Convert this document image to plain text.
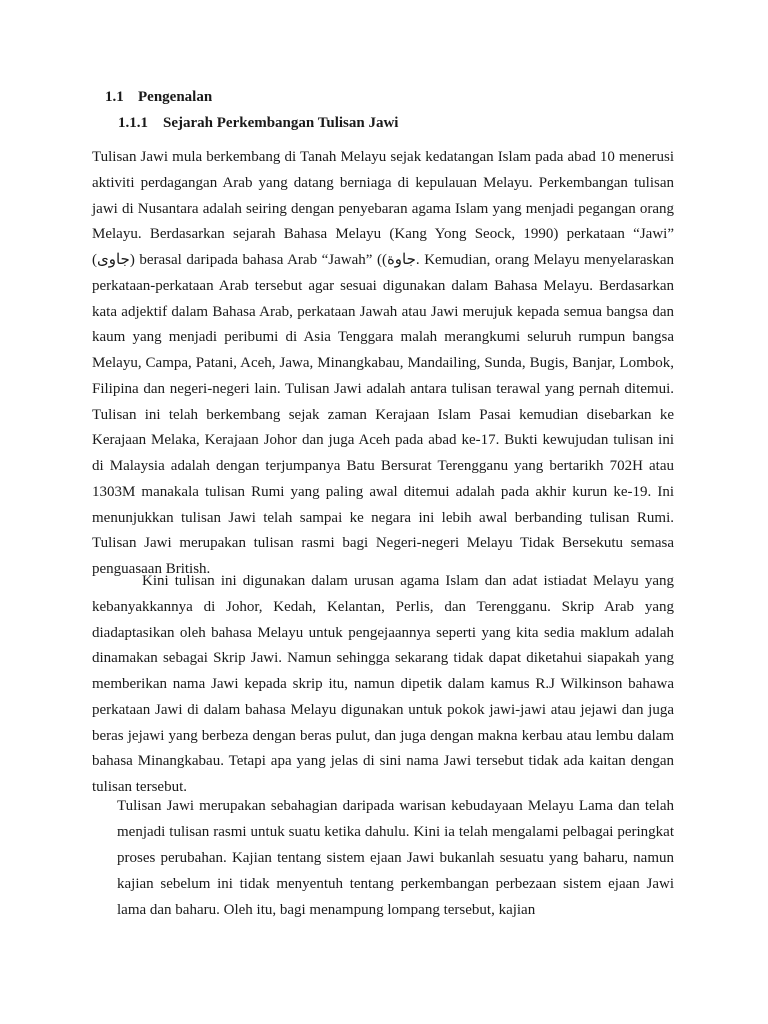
1.1 Pengenalan
1.1.1 Sejarah Perkembangan Tulisan Jawi

Tulisan Jawi mula berkembang di Tanah Melayu sejak kedatangan Islam pada abad 10 menerusi aktiviti perdagangan Arab yang datang berniaga di kepulauan Melayu. Perkembangan tulisan jawi di Nusantara adalah seiring dengan penyebaran agama Islam yang menjadi pegangan orang Melayu. Berdasarkan sejarah Bahasa Melayu (Kang Yong Seock, 1990) perkataan “Jawi” (جاوى) berasal daripada bahasa Arab “Jawah” ((جاوة. Kemudian, orang Melayu menyelaraskan perkataan-perkataan Arab tersebut agar sesuai digunakan dalam Bahasa Melayu. Berdasarkan kata adjektif dalam Bahasa Arab, perkataan Jawah atau Jawi merujuk kepada semua bangsa dan kaum yang menjadi peribumi di Asia Tenggara malah merangkumi seluruh rumpun bangsa Melayu, Campa, Patani, Aceh, Jawa, Minangkabau, Mandailing, Sunda, Bugis, Banjar, Lombok, Filipina dan negeri-negeri lain. Tulisan Jawi adalah antara tulisan terawal yang pernah ditemui. Tulisan ini telah berkembang sejak zaman Kerajaan Islam Pasai kemudian disebarkan ke Kerajaan Melaka, Kerajaan Johor dan juga Aceh pada abad ke-17. Bukti kewujudan tulisan ini di Malaysia adalah dengan terjumpanya Batu Bersurat Terengganu yang bertarikh 702H atau 1303M manakala tulisan Rumi yang paling awal ditemui adalah pada akhir kurun ke-19. Ini menunjukkan tulisan Jawi telah sampai ke negara ini lebih awal berbanding tulisan Rumi. Tulisan Jawi merupakan tulisan rasmi bagi Negeri-negeri Melayu Tidak Bersekutu semasa penguasaan British.

Kini tulisan ini digunakan dalam urusan agama Islam dan adat istiadat Melayu yang kebanyakkannya di Johor, Kedah, Kelantan, Perlis, dan Terengganu. Skrip Arab yang diadaptasikan oleh bahasa Melayu untuk pengejaannya seperti yang kita sedia maklum adalah dinamakan sebagai Skrip Jawi. Namun sehingga sekarang tidak dapat diketahui siapakah yang memberikan nama Jawi kepada skrip itu, namun dipetik dalam kamus R.J Wilkinson bahawa perkataan Jawi di dalam bahasa Melayu digunakan untuk pokok jawi-jawi atau jejawi dan juga beras jejawi yang berbeza dengan beras pulut, dan juga dengan makna kerbau atau lembu dalam bahasa Minangkabau. Tetapi apa yang jelas di sini nama Jawi tersebut tidak ada kaitan dengan tulisan tersebut.

Tulisan Jawi merupakan sebahagian daripada warisan kebudayaan Melayu Lama dan telah menjadi tulisan rasmi untuk suatu ketika dahulu. Kini ia telah mengalami pelbagai peringkat proses perubahan. Kajian tentang sistem ejaan Jawi bukanlah sesuatu yang baharu, namun kajian sebelum ini tidak menyentuh tentang perkembangan perbezaan sistem ejaan Jawi lama dan baharu. Oleh itu, bagi menampung lompang tersebut, kajian
